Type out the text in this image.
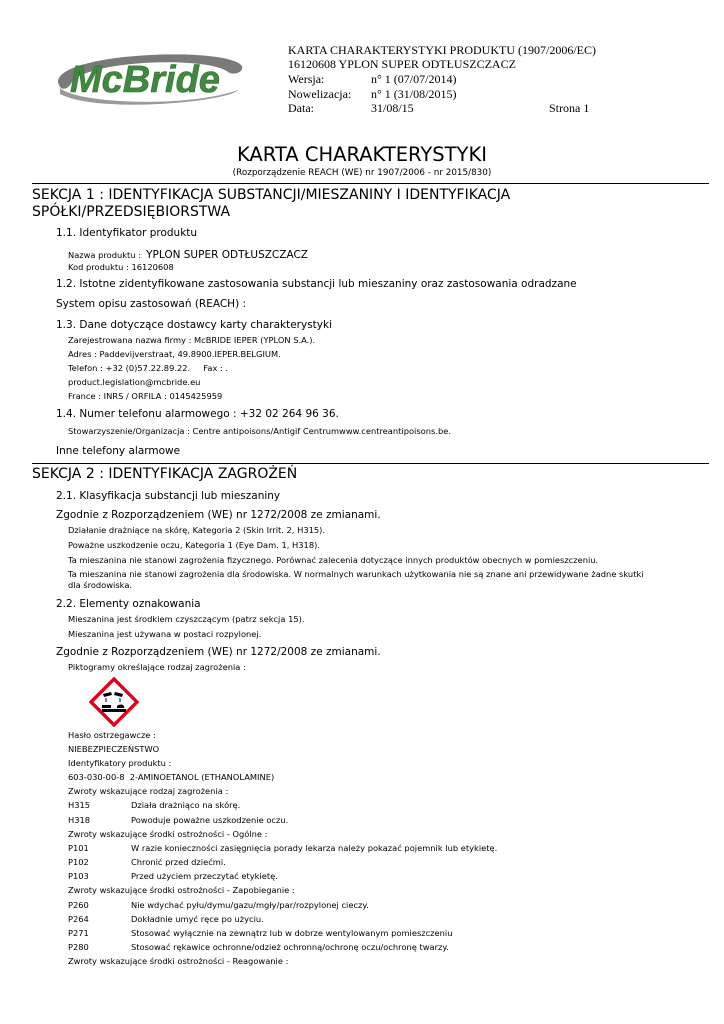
McBride
KARTA CHARAKTERYSTYKI PRODUKTU (1907/2006/EC)
16120608 YPLON SUPER ODTŁUSZCZACZ
Wersja:	n° 1 (07/07/2014)
Nowelizacja: n° 1 (31/08/2015)
Data:	31/08/15	Strona 1
KARTA CHARAKTERYSTYKI
(Rozporządzenie REACH (WE) nr 1907/2006 - nr 2015/830)
SEKCJA 1 : IDENTYFIKACJA SUBSTANCJI/MIESZANINY I IDENTYFIKACJA
SPÓŁKI/PRZEDSIĘBIORSTWA
1.1. Identyfikator produktu
Nazwa produktu : YPLON SUPER ODTŁUSZCZACZ
Kod produktu : 16120608
1.2. Istotne zidentyfikowane zastosowania substancji lub mieszaniny oraz zastosowania odradzane
System opisu zastosowań (REACH) :
1.3. Dane dotyczące dostawcy karty charakterystyki
Zarejestrowana nazwa firmy : McBRIDE IEPER (YPLON S.A.).
Adres : Paddevijverstraat, 49.8900.IEPER.BELGIUM.
Telefon : +32 (0)57.22.89.22.     Fax : .
product.legislation@mcbride.eu
France : INRS / ORFILA : 0145425959
1.4. Numer telefonu alarmowego : +32 02 264 96 36.
Stowarzyszenie/Organizacja : Centre antipoisons/Antigif Centrumwww.centreantipoisons.be.
Inne telefony alarmowe
SEKCJA 2 : IDENTYFIKACJA ZAGROŻEŃ
2.1. Klasyfikacja substancji lub mieszaniny
Zgodnie z Rozporządzeniem (WE) nr 1272/2008 ze zmianami.
Działanie drażniące na skórę, Kategoria 2 (Skin Irrit. 2, H315).
Poważne uszkodzenie oczu, Kategoria 1 (Eye Dam. 1, H318).
Ta mieszanina nie stanowi zagrożenia fizycznego. Porównać zalecenia dotyczące innych produktów obecnych w pomieszczeniu.
Ta mieszanina nie stanowi zagrożenia dla środowiska. W normalnych warunkach użytkowania nie są znane ani przewidywane żadne skutki
dla środowiska.
2.2. Elementy oznakowania
Mieszanina jest środkiem czyszczącym (patrz sekcja 15).
Mieszanina jest używana w postaci rozpylonej.
Zgodnie z Rozporządzeniem (WE) nr 1272/2008 ze zmianami.
Piktogramy określające rodzaj zagrożenia :
Hasło ostrzegawcze :
NIEBEZPIECZEŃSTWO
Identyfikatory produktu :
603-030-00-8  2-AMINOETANOL (ETHANOLAMINE)
Zwroty wskazujące rodzaj zagrożenia :
H315	Działa drażniąco na skórę.
H318	Powoduje poważne uszkodzenie oczu.
Zwroty wskazujące środki ostrożności - Ogólne :
P101	W razie konieczności zasięgnięcia porady lekarza należy pokazać pojemnik lub etykietę.
P102	Chronić przed dziećmi.
P103	Przed użyciem przeczytać etykietę.
Zwroty wskazujące środki ostrożności - Zapobieganie :
P260	Nie wdychać pyłu/dymu/gazu/mgły/par/rozpylonej cieczy.
P264	Dokładnie umyć ręce po użyciu.
P271	Stosować wyłącznie na zewnątrz lub w dobrze wentylowanym pomieszczeniu
P280	Stosować rękawice ochronne/odzież ochronną/ochronę oczu/ochronę twarzy.
Zwroty wskazujące środki ostrożności - Reagowanie :
